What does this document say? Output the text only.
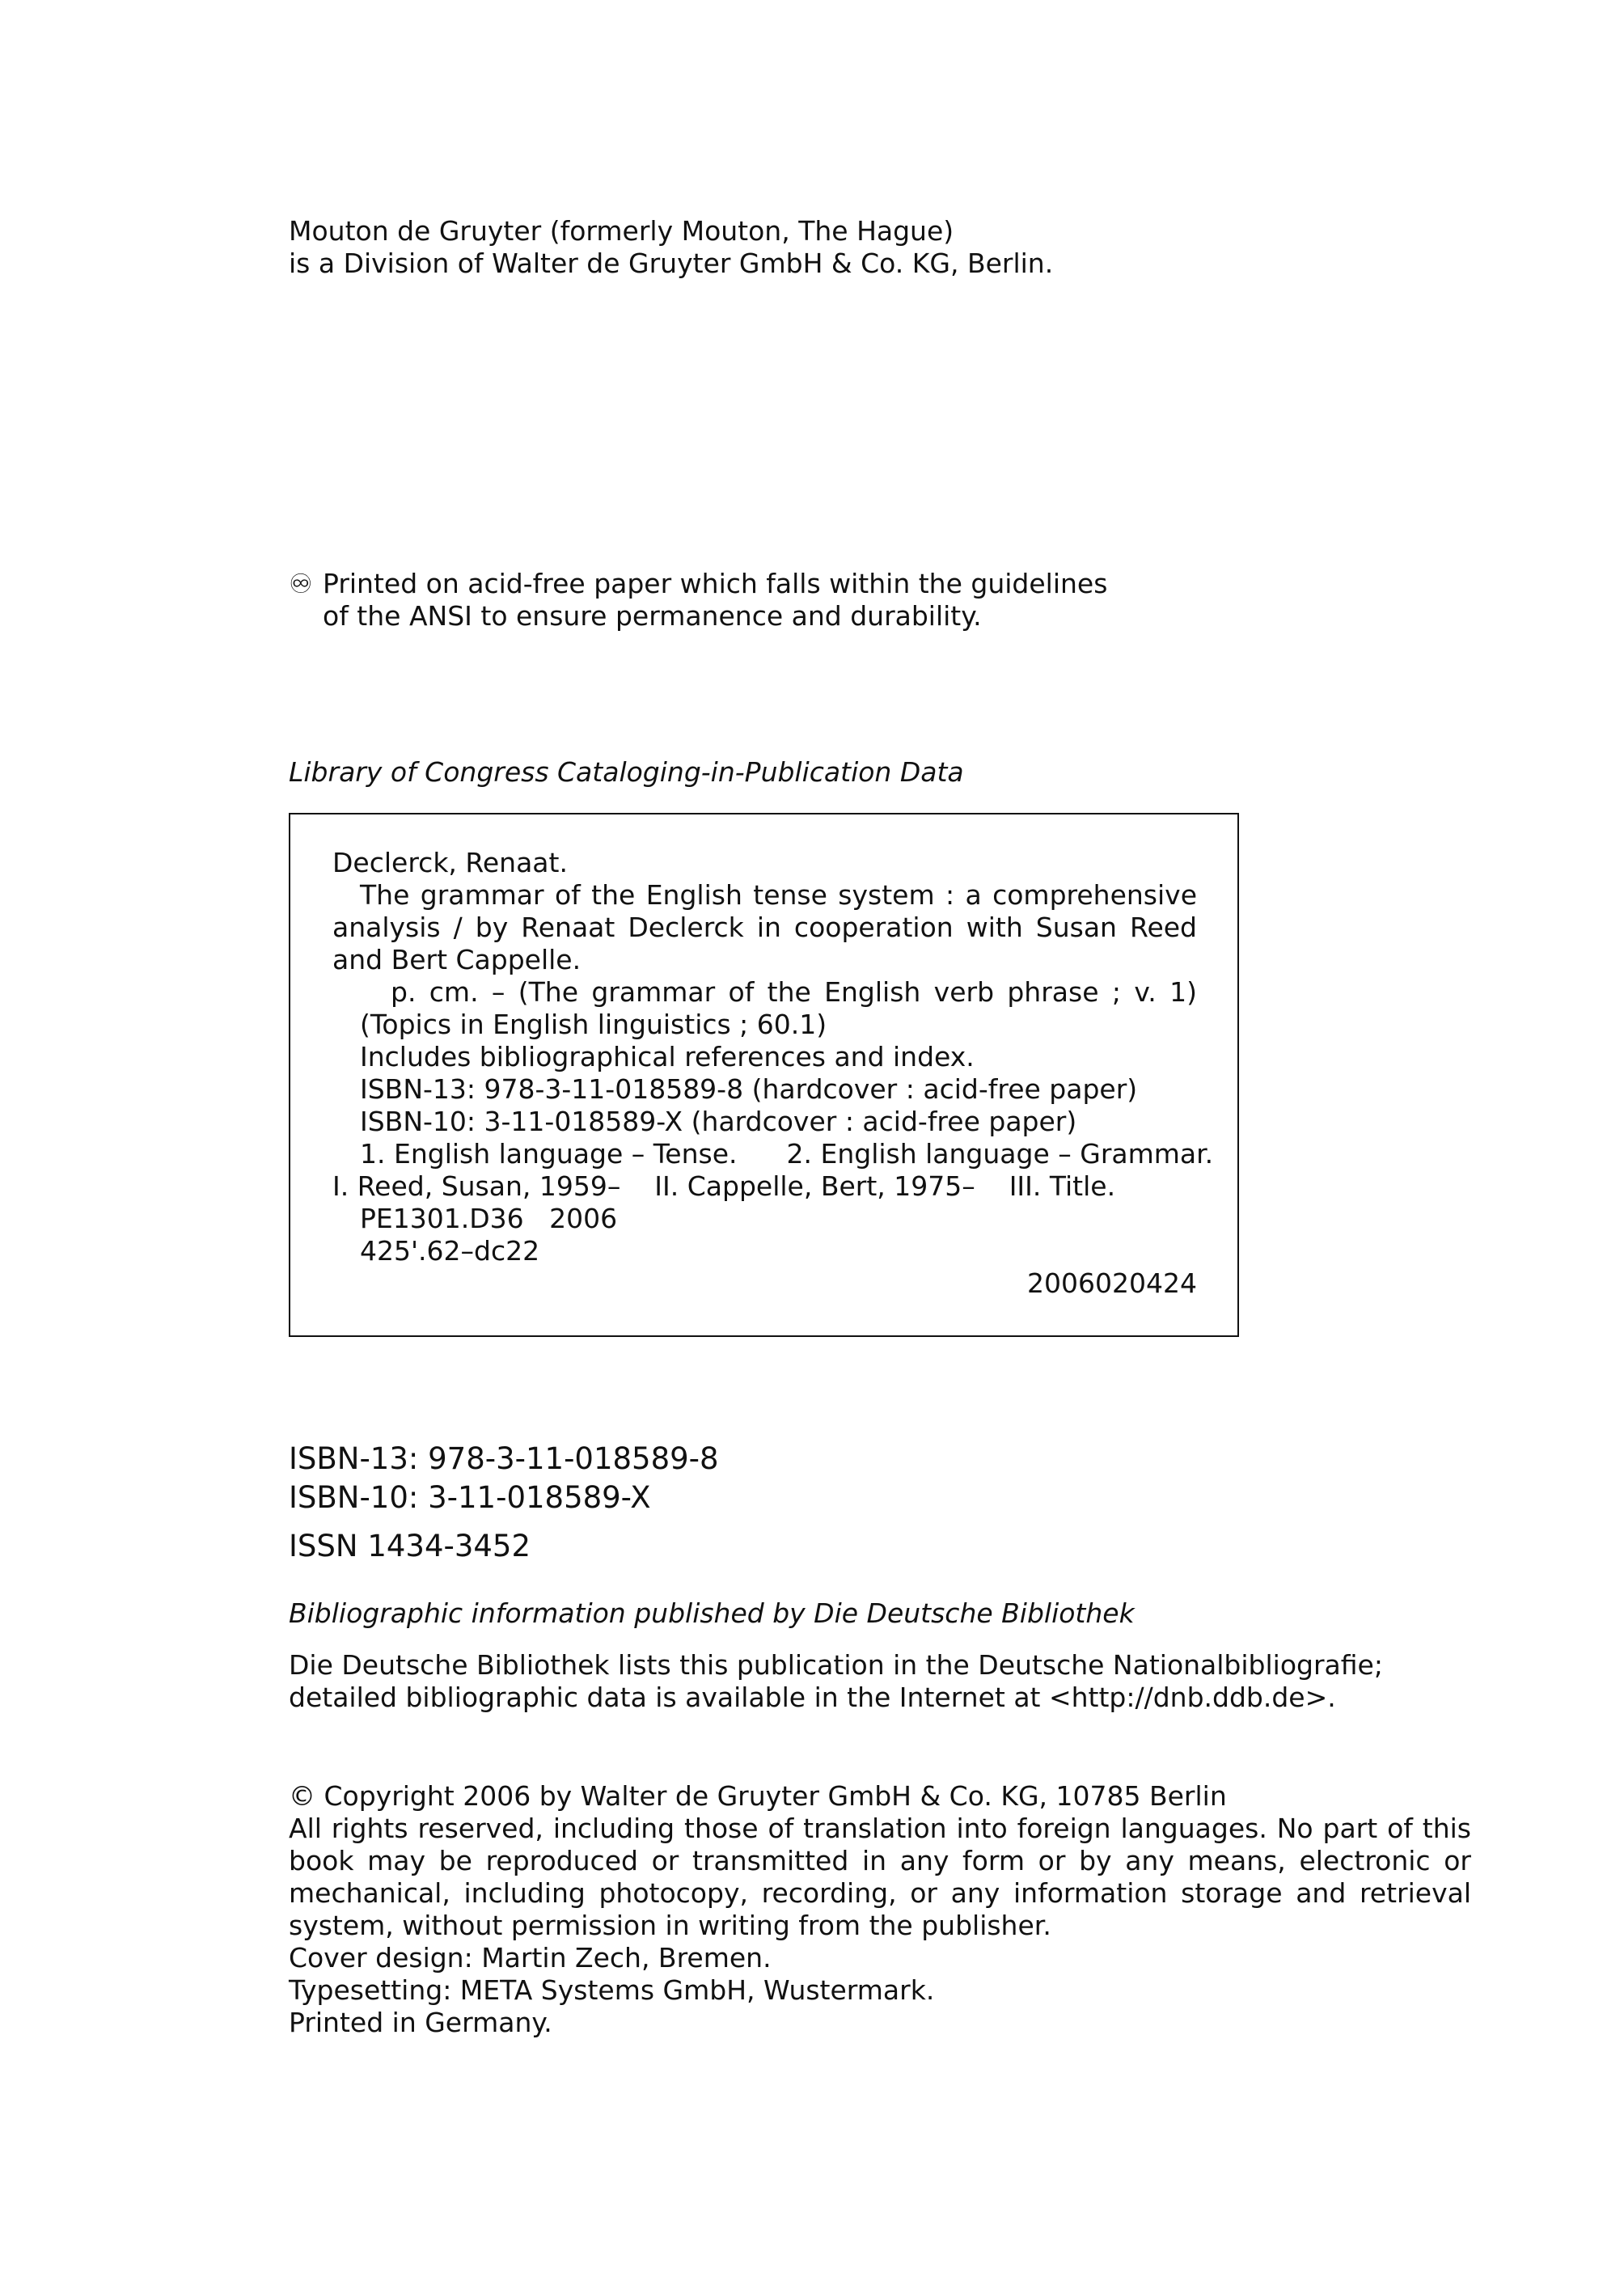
Mouton de Gruyter (formerly Mouton, The Hague)
is a Division of Walter de Gruyter GmbH & Co. KG, Berlin.
♾ Printed on acid-free paper which falls within the guidelines
of the ANSI to ensure permanence and durability.
Library of Congress Cataloging-in-Publication Data
Declerck, Renaat.
The grammar of the English tense system : a comprehensive
analysis / by Renaat Declerck in cooperation with Susan Reed
and Bert Cappelle.
p. cm. – (The grammar of the English verb phrase ; v. 1)
(Topics in English linguistics ; 60.1)
Includes bibliographical references and index.
ISBN-13: 978-3-11-018589-8 (hardcover : acid-free paper)
ISBN-10: 3-11-018589-X (hardcover : acid-free paper)
1. English language – Tense. 2. English language – Grammar.
I. Reed, Susan, 1959–    II. Cappelle, Bert, 1975–    III. Title.
PE1301.D36   2006
425'.62–dc22
2006020424
ISBN-13: 978-3-11-018589-8
ISBN-10: 3-11-018589-X
ISSN 1434-3452
Bibliographic information published by Die Deutsche Bibliothek
Die Deutsche Bibliothek lists this publication in the Deutsche Nationalbibliografie;
detailed bibliographic data is available in the Internet at <http://dnb.ddb.de>.
© Copyright 2006 by Walter de Gruyter GmbH & Co. KG, 10785 Berlin
All rights reserved, including those of translation into foreign languages. No part of this
book may be reproduced or transmitted in any form or by any means, electronic or
mechanical, including photocopy, recording, or any information storage and retrieval
system, without permission in writing from the publisher.
Cover design: Martin Zech, Bremen.
Typesetting: META Systems GmbH, Wustermark.
Printed in Germany.
